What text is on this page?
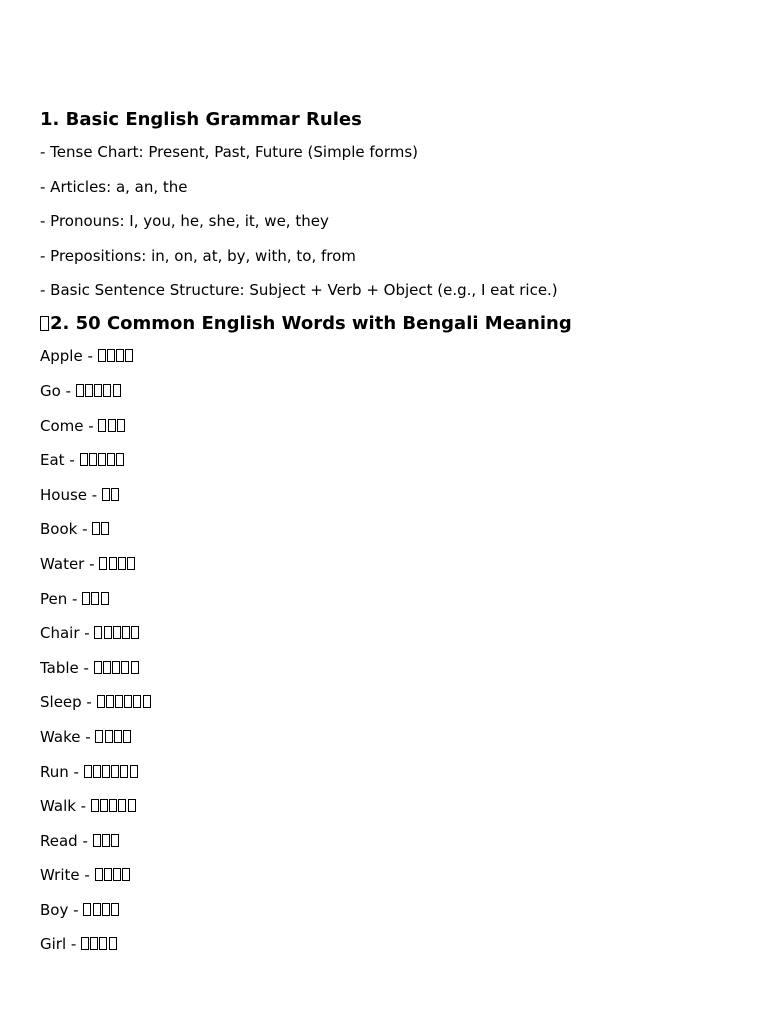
1. Basic English Grammar Rules
- Tense Chart: Present, Past, Future (Simple forms)
- Articles: a, an, the
- Pronouns: I, you, he, she, it, we, they
- Prepositions: in, on, at, by, with, to, from
- Basic Sentence Structure: Subject + Verb + Object (e.g., I eat rice.)
2. 50 Common English Words with Bengali Meaning
Apple -
Go -
Come -
Eat -
House -
Book -
Water -
Pen -
Chair -
Table -
Sleep -
Wake -
Run -
Walk -
Read -
Write -
Boy -
Girl -
